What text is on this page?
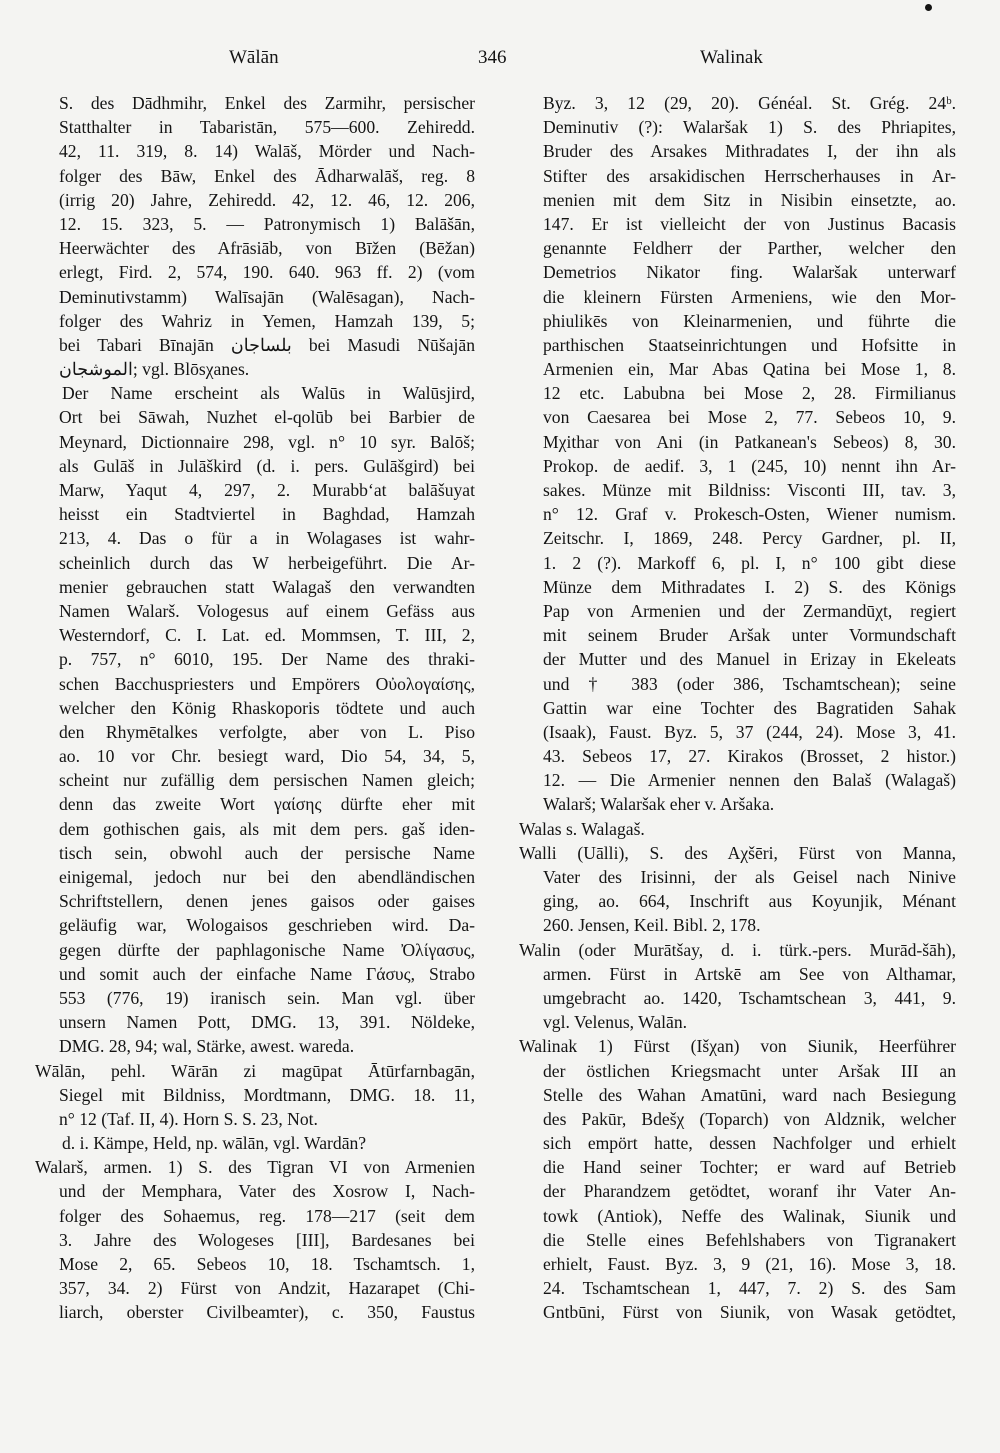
Wālān	346	Walinak
S. des Dādhmihr, Enkel des Zarmihr, persischer
Statthalter in Tabaristān, 575—600. Zehiredd.
42, 11. 319, 8. 14) Walāš, Mörder und Nach-
folger des Bāw, Enkel des Ādharwalāš, reg. 8
(irrig 20) Jahre, Zehiredd. 42, 12. 46, 12. 206,
12. 15. 323, 5. — Patronymisch 1) Balāšān,
Heerwächter des Afrāsiāb, von Bīžen (Bēžan)
erlegt, Fird. 2, 574, 190. 640. 963 ff. 2) (vom
Deminutivstamm) Walīsajān (Walēsagan), Nach-
folger des Wahriz in Yemen, Hamzah 139, 5;
bei Tabari Bīnajān بلساجان bei Masudi Nūšajān
الموشجان; vgl. Blōsχanes.
Der Name erscheint als Walūs in Walūsjird,
Ort bei Sāwah, Nuzhet el-qolūb bei Barbier de
Meynard, Dictionnaire 298, vgl. n° 10 syr. Balōš;
als Gulāš in Julāškird (d. i. pers. Gulāšgird) bei
Marw, Yaqut 4, 297, 2. Murabb‘at balāšuyat
heisst ein Stadtviertel in Baghdad, Hamzah
213, 4. Das o für a in Wolagases ist wahr-
scheinlich durch das W herbeigeführt. Die Ar-
menier gebrauchen statt Walagaš den verwandten
Namen Walarš. Vologesus auf einem Gefäss aus
Westerndorf, C. I. Lat. ed. Mommsen, T. III, 2,
p. 757, n° 6010, 195. Der Name des thraki-
schen Bacchuspriesters und Empörers Οὐολογαίσης,
welcher den König Rhaskoporis tödtete und auch
den Rhymētalkes verfolgte, aber von L. Piso
ao. 10 vor Chr. besiegt ward, Dio 54, 34, 5,
scheint nur zufällig dem persischen Namen gleich;
denn das zweite Wort γαίσης dürfte eher mit
dem gothischen gais, als mit dem pers. gaš iden-
tisch sein, obwohl auch der persische Name
einigemal, jedoch nur bei den abendländischen
Schriftstellern, denen jenes gaisos oder gaises
geläufig war, Wologaisos geschrieben wird. Da-
gegen dürfte der paphlagonische Name Ὀλίγασυς,
und somit auch der einfache Name Γάσυς, Strabo
553 (776, 19) iranisch sein. Man vgl. über
unsern Namen Pott, DMG. 13, 391. Nöldeke,
DMG. 28, 94; wal, Stärke, awest. wareda.
Wālān, pehl. Wārān zi magūpat Ātūrfarnbagān,
Siegel mit Bildniss, Mordtmann, DMG. 18. 11,
n° 12 (Taf. II, 4). Horn S. S. 23, Not.
d. i. Kämpe, Held, np. wālān, vgl. Wardān?
Walarš, armen. 1) S. des Tigran VI von Armenien
und der Memphara, Vater des Xosrow I, Nach-
folger des Sohaemus, reg. 178—217 (seit dem
3. Jahre des Wologeses [III], Bardesanes bei
Mose 2, 65. Sebeos 10, 18. Tschamtsch. 1,
357, 34. 2) Fürst von Andzit, Hazarapet (Chi-
liarch, oberster Civilbeamter), c. 350, Faustus
Byz. 3, 12 (29, 20). Généal. St. Grég. 24ᵇ.
Deminutiv (?): Walaršak 1) S. des Phriapites,
Bruder des Arsakes Mithradates I, der ihn als
Stifter des arsakidischen Herrscherhauses in Ar-
menien mit dem Sitz in Nisibin einsetzte, ao.
147. Er ist vielleicht der von Justinus Bacasis
genannte Feldherr der Parther, welcher den
Demetrios Nikator fing. Walaršak unterwarf
die kleinern Fürsten Armeniens, wie den Mor-
phiulikēs von Kleinarmenien, und führte die
parthischen Staatseinrichtungen und Hofsitte in
Armenien ein, Mar Abas Qatina bei Mose 1, 8.
12 etc. Labubna bei Mose 2, 28. Firmilianus
von Caesarea bei Mose 2, 77. Sebeos 10, 9.
Mχithar von Ani (in Patkanean's Sebeos) 8, 30.
Prokop. de aedif. 3, 1 (245, 10) nennt ihn Ar-
sakes. Münze mit Bildniss: Visconti III, tav. 3,
n° 12. Graf v. Prokesch-Osten, Wiener numism.
Zeitschr. I, 1869, 248. Percy Gardner, pl. II,
1. 2 (?). Markoff 6, pl. I, n° 100 gibt diese
Münze dem Mithradates I. 2) S. des Königs
Pap von Armenien und der Zermandūχt, regiert
mit seinem Bruder Aršak unter Vormundschaft
der Mutter und des Manuel in Erizay in Ekeleats
und † 383 (oder 386, Tschamtschean); seine
Gattin war eine Tochter des Bagratiden Sahak
(Isaak), Faust. Byz. 5, 37 (244, 24). Mose 3, 41.
43. Sebeos 17, 27. Kirakos (Brosset, 2 histor.)
12. — Die Armenier nennen den Balaš (Walagaš)
Walarš; Walaršak eher v. Aršaka.
Walas s. Walagaš.
Walli (Uālli), S. des Aχšēri, Fürst von Manna,
Vater des Irisinni, der als Geisel nach Ninive
ging, ao. 664, Inschrift aus Koyunjik, Ménant
260. Jensen, Keil. Bibl. 2, 178.
Walin (oder Murātšay, d. i. türk.-pers. Murād-šāh),
armen. Fürst in Artskē am See von Althamar,
umgebracht ao. 1420, Tschamtschean 3, 441, 9.
vgl. Velenus, Walān.
Walinak 1) Fürst (Išχan) von Siunik, Heerführer
der östlichen Kriegsmacht unter Aršak III an
Stelle des Wahan Amatūni, ward nach Besiegung
des Pakūr, Bdešχ (Toparch) von Aldznik, welcher
sich empört hatte, dessen Nachfolger und erhielt
die Hand seiner Tochter; er ward auf Betrieb
der Pharandzem getödtet, woranf ihr Vater An-
towk (Antiok), Neffe des Walinak, Siunik und
die Stelle eines Befehlshabers von Tigranakert
erhielt, Faust. Byz. 3, 9 (21, 16). Mose 3, 18.
24. Tschamtschean 1, 447, 7. 2) S. des Sam
Gntbūni, Fürst von Siunik, von Wasak getödtet,
